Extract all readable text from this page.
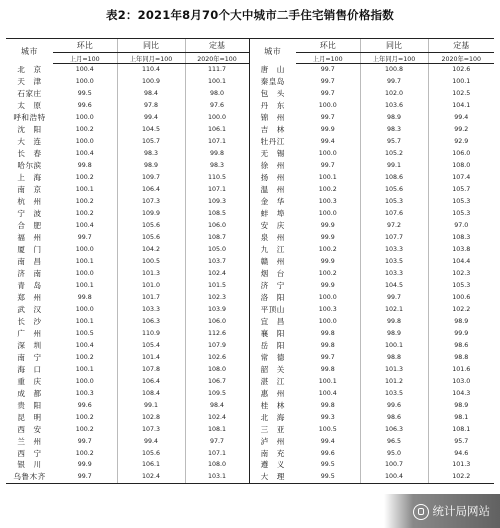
表2：2021年8月70个大中城市二手住宅销售价格指数
城市	环比	同比	定基	城市	环比	同比	定基
	上月=100	上年同月=100	2020年=100		上月=100	上年同月=100	2020年=100
北　京	100.4	110.4	111.7	唐　山	99.7	100.8	102.6
天　津	100.0	100.9	100.1	秦皇岛	99.7	99.7	100.1
石家庄	99.5	98.4	98.0	包　头	99.7	102.0	102.5
太　原	99.6	97.8	97.6	丹　东	100.0	103.6	104.1
呼和浩特	100.0	99.4	100.0	锦　州	99.7	98.9	99.4
沈　阳	100.2	104.5	106.1	吉　林	99.9	98.3	99.2
大　连	100.0	105.7	107.1	牡丹江	99.4	95.7	92.9
长　春	100.4	98.3	99.8	无　锡	100.0	105.2	106.0
哈尔滨	99.8	98.9	98.3	徐　州	99.7	99.1	108.0
上　海	100.2	109.7	110.5	扬　州	100.1	108.6	107.4
南　京	100.1	106.4	107.1	温　州	100.2	105.6	105.7
杭　州	100.2	107.3	109.3	金　华	100.3	105.3	105.3
宁　波	100.2	109.9	108.5	蚌　埠	100.0	107.6	105.3
合　肥	100.4	105.6	106.0	安　庆	99.9	97.2	97.0
福　州	99.7	105.6	108.7	泉　州	99.9	107.7	108.3
厦　门	100.0	104.2	105.0	九　江	100.2	103.3	103.8
南　昌	100.1	100.5	103.7	赣　州	99.9	103.5	104.4
济　南	100.0	101.3	102.4	烟　台	100.2	103.3	102.3
青　岛	100.1	101.0	101.5	济　宁	99.9	104.5	105.3
郑　州	99.8	101.7	102.3	洛　阳	100.0	99.7	100.6
武　汉	100.0	103.3	103.9	平顶山	100.3	102.1	102.2
长　沙	100.1	106.3	106.0	宜　昌	100.0	99.8	98.9
广　州	100.5	110.9	112.6	襄　阳	99.8	98.9	99.9
深　圳	100.4	105.4	107.9	岳　阳	99.8	100.1	98.6
南　宁	100.2	101.4	102.6	常　德	99.7	98.8	98.8
海　口	100.1	107.8	108.0	韶　关	99.8	101.3	101.6
重　庆	100.0	106.4	106.7	湛　江	100.1	101.2	103.0
成　都	100.3	108.4	109.5	惠　州	100.4	103.5	104.3
贵　阳	99.6	99.1	98.4	桂　林	99.8	99.6	98.9
昆　明	100.2	102.8	102.4	北　海	99.3	98.6	98.1
西　安	100.2	107.3	108.1	三　亚	100.5	106.3	108.1
兰　州	99.7	99.4	97.7	泸　州	99.4	96.5	95.7
西　宁	100.2	105.6	107.1	南　充	99.6	95.0	94.6
银　川	99.9	106.1	108.0	遵　义	99.5	100.7	101.3
乌鲁木齐	99.7	102.4	103.1	大　理	99.5	100.4	102.2
统计局网站
